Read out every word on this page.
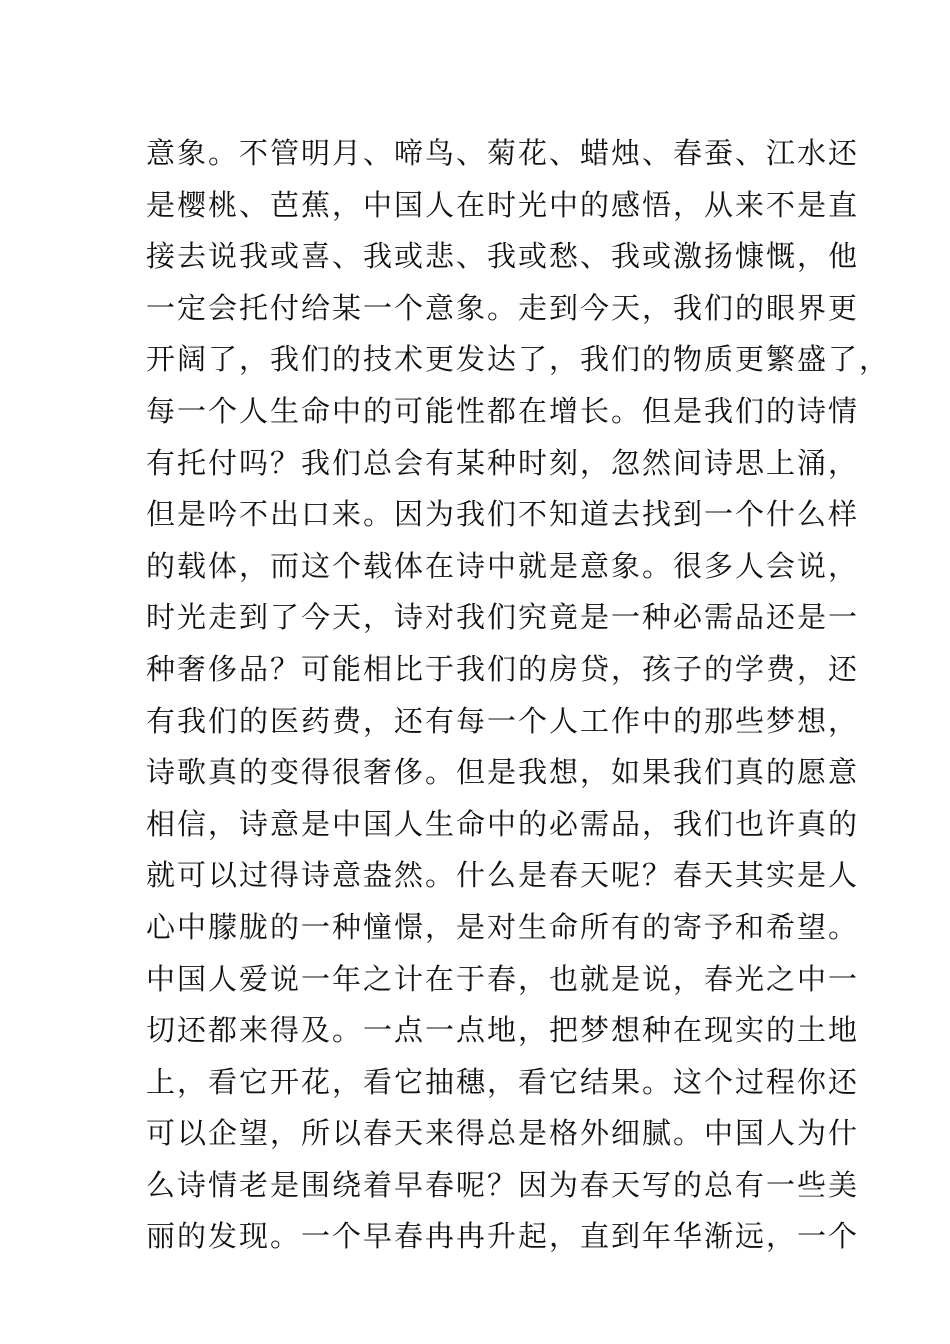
意象。不管明月、啼鸟、菊花、蜡烛、春蚕、江水还
是樱桃、芭蕉，中国人在时光中的感悟，从来不是直
接去说我或喜、我或悲、我或愁、我或激扬慷慨，他
一定会托付给某一个意象。走到今天，我们的眼界更
开阔了，我们的技术更发达了，我们的物质更繁盛了，
每一个人生命中的可能性都在增长。但是我们的诗情
有托付吗？我们总会有某种时刻，忽然间诗思上涌，
但是吟不出口来。因为我们不知道去找到一个什么样
的载体，而这个载体在诗中就是意象。很多人会说，
时光走到了今天，诗对我们究竟是一种必需品还是一
种奢侈品？可能相比于我们的房贷，孩子的学费，还
有我们的医药费，还有每一个人工作中的那些梦想，
诗歌真的变得很奢侈。但是我想，如果我们真的愿意
相信，诗意是中国人生命中的必需品，我们也许真的
就可以过得诗意盎然。什么是春天呢？春天其实是人
心中朦胧的一种憧憬，是对生命所有的寄予和希望。
中国人爱说一年之计在于春，也就是说，春光之中一
切还都来得及。一点一点地，把梦想种在现实的土地
上，看它开花，看它抽穗，看它结果。这个过程你还
可以企望，所以春天来得总是格外细腻。中国人为什
么诗情老是围绕着早春呢？因为春天写的总有一些美
丽的发现。一个早春冉冉升起，直到年华渐远，一个
